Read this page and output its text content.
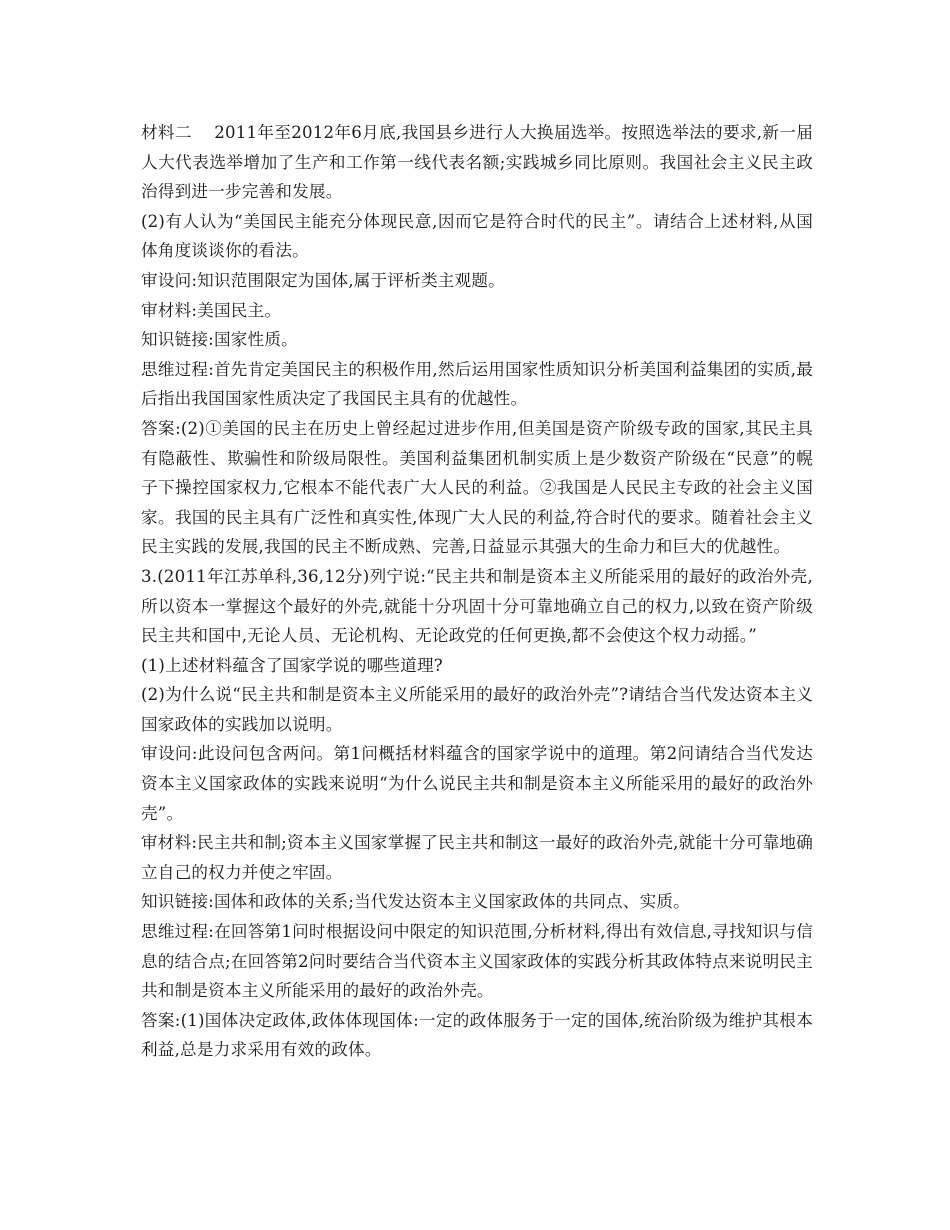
材料二　 2011年至2012年6月底,我国县乡进行人大换届选举。按照选举法的要求,新一届人大代表选举增加了生产和工作第一线代表名额;实践城乡同比原则。我国社会主义民主政治得到进一步完善和发展。

(2)有人认为“美国民主能充分体现民意,因而它是符合时代的民主”。请结合上述材料,从国体角度谈谈你的看法。

审设问:知识范围限定为国体,属于评析类主观题。

审材料:美国民主。

知识链接:国家性质。

思维过程:首先肯定美国民主的积极作用,然后运用国家性质知识分析美国利益集团的实质,最后指出我国国家性质决定了我国民主具有的优越性。

答案:(2)①美国的民主在历史上曾经起过进步作用,但美国是资产阶级专政的国家,其民主具有隐蔽性、欺骗性和阶级局限性。美国利益集团机制实质上是少数资产阶级在“民意”的幌子下操控国家权力,它根本不能代表广大人民的利益。②我国是人民民主专政的社会主义国家。我国的民主具有广泛性和真实性,体现广大人民的利益,符合时代的要求。随着社会主义民主实践的发展,我国的民主不断成熟、完善,日益显示其强大的生命力和巨大的优越性。

3.(2011年江苏单科,36,12分)列宁说:“民主共和制是资本主义所能采用的最好的政治外壳,所以资本一掌握这个最好的外壳,就能十分巩固十分可靠地确立自己的权力,以致在资产阶级民主共和国中,无论人员、无论机构、无论政党的任何更换,都不会使这个权力动摇。”

(1)上述材料蕴含了国家学说的哪些道理?

(2)为什么说“民主共和制是资本主义所能采用的最好的政治外壳”?请结合当代发达资本主义国家政体的实践加以说明。

审设问:此设问包含两问。第1问概括材料蕴含的国家学说中的道理。第2问请结合当代发达资本主义国家政体的实践来说明“为什么说民主共和制是资本主义所能采用的最好的政治外壳”。

审材料:民主共和制;资本主义国家掌握了民主共和制这一最好的政治外壳,就能十分可靠地确立自己的权力并使之牢固。

知识链接:国体和政体的关系;当代发达资本主义国家政体的共同点、实质。

思维过程:在回答第1问时根据设问中限定的知识范围,分析材料,得出有效信息,寻找知识与信息的结合点;在回答第2问时要结合当代资本主义国家政体的实践分析其政体特点来说明民主共和制是资本主义所能采用的最好的政治外壳。

答案:(1)国体决定政体,政体体现国体:一定的政体服务于一定的国体,统治阶级为维护其根本利益,总是力求采用有效的政体。
